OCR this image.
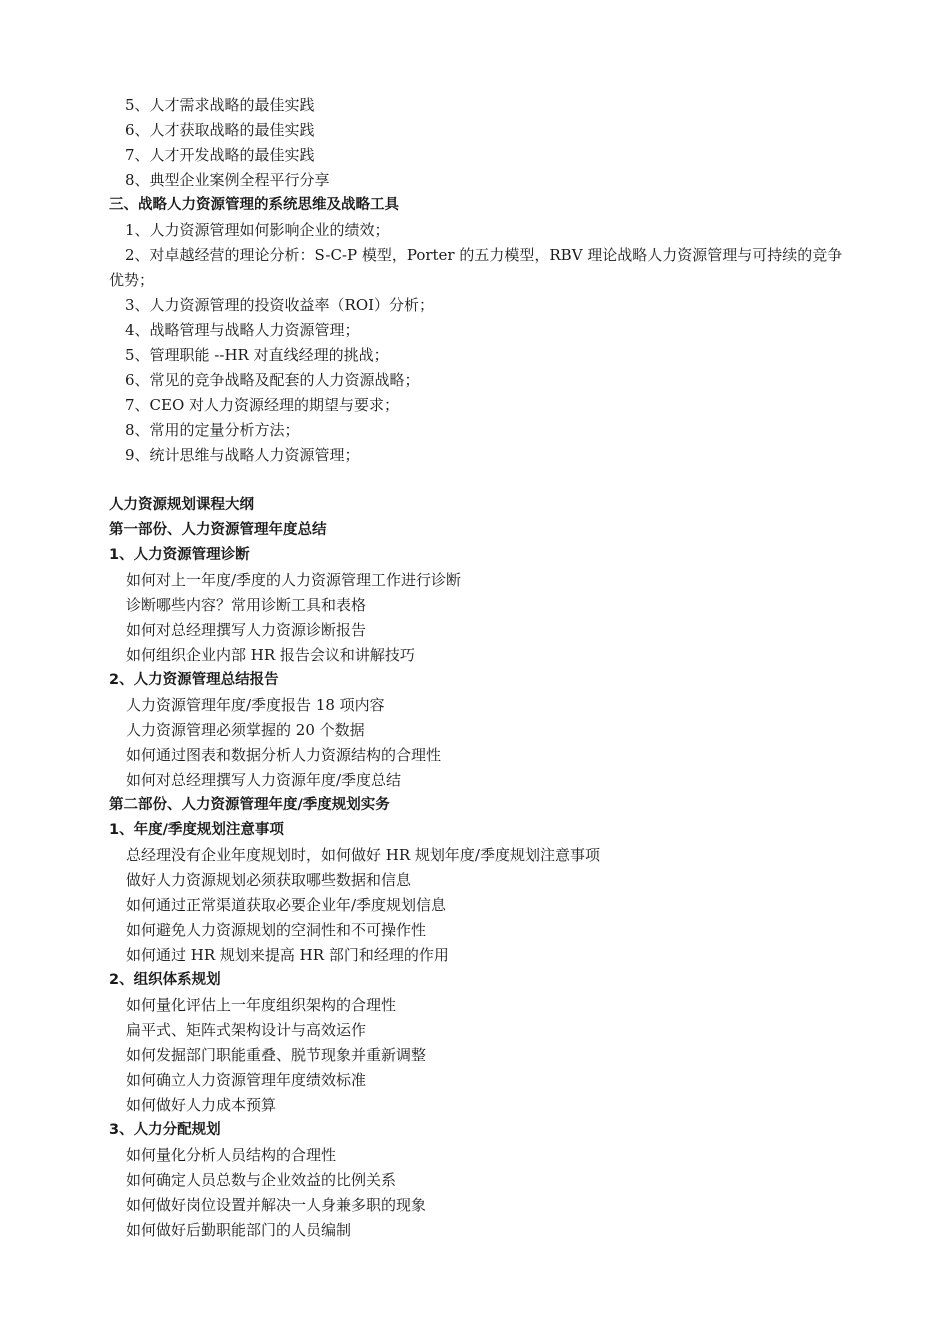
5、人才需求战略的最佳实践
6、人才获取战略的最佳实践
7、人才开发战略的最佳实践
8、典型企业案例全程平行分享
三、战略人力资源管理的系统思维及战略工具
1、人力资源管理如何影响企业的绩效；
2、对卓越经营的理论分析：S-C-P 模型，Porter 的五力模型，RBV 理论战略人力资源管理与可持续的竞争优势；
3、人力资源管理的投资收益率（ROI）分析；
4、战略管理与战略人力资源管理；
5、管理职能 --HR 对直线经理的挑战；
6、常见的竞争战略及配套的人力资源战略；
7、CEO 对人力资源经理的期望与要求；
8、常用的定量分析方法；
9、统计思维与战略人力资源管理；
人力资源规划课程大纲
第一部份、人力资源管理年度总结
1、人力资源管理诊断
如何对上一年度/季度的人力资源管理工作进行诊断
诊断哪些内容？常用诊断工具和表格
如何对总经理撰写人力资源诊断报告
如何组织企业内部 HR 报告会议和讲解技巧
2、人力资源管理总结报告
人力资源管理年度/季度报告 18 项内容
人力资源管理必须掌握的 20 个数据
如何通过图表和数据分析人力资源结构的合理性
如何对总经理撰写人力资源年度/季度总结
第二部份、人力资源管理年度/季度规划实务
1、年度/季度规划注意事项
总经理没有企业年度规划时，如何做好 HR 规划年度/季度规划注意事项
做好人力资源规划必须获取哪些数据和信息
如何通过正常渠道获取必要企业年/季度规划信息
如何避免人力资源规划的空洞性和不可操作性
如何通过 HR 规划来提高 HR 部门和经理的作用
2、组织体系规划
如何量化评估上一年度组织架构的合理性
扁平式、矩阵式架构设计与高效运作
如何发掘部门职能重叠、脱节现象并重新调整
如何确立人力资源管理年度绩效标准
如何做好人力成本预算
3、人力分配规划
如何量化分析人员结构的合理性
如何确定人员总数与企业效益的比例关系
如何做好岗位设置并解决一人身兼多职的现象
如何做好后勤职能部门的人员编制
